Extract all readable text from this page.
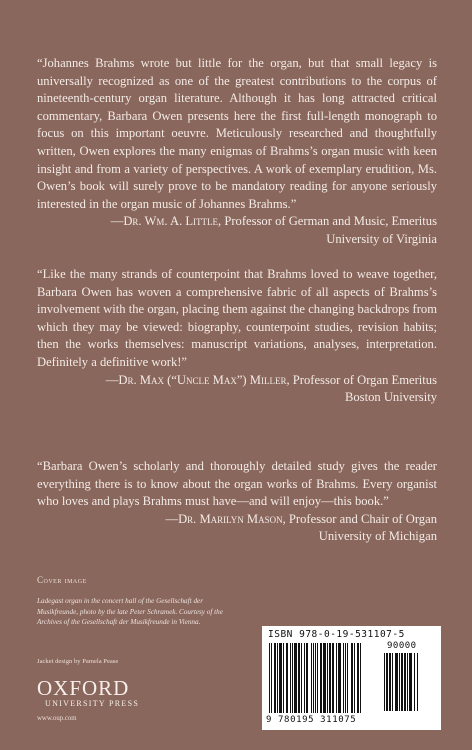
“Johannes Brahms wrote but little for the organ, but that small legacy is universally recognized as one of the greatest contributions to the corpus of nineteenth-century organ literature. Although it has long attracted critical commentary, Barbara Owen presents here the first full-length monograph to focus on this important oeuvre. Meticulously researched and thoughtfully written, Owen explores the many enigmas of Brahms’s organ music with keen insight and from a variety of perspectives. A work of exemplary erudition, Ms. Owen’s book will surely prove to be mandatory reading for anyone seriously interested in the organ music of Johannes Brahms.”

—Dr. Wm. A. Little, Professor of German and Music, Emeritus
University of Virginia

“Like the many strands of counterpoint that Brahms loved to weave together, Barbara Owen has woven a comprehensive fabric of all aspects of Brahms’s involvement with the organ, placing them against the changing backdrops from which they may be viewed: biography, counterpoint studies, revision habits; then the works themselves: manuscript variations, analyses, interpretation. Definitely a definitive work!”

—Dr. Max (“Uncle Max”) Miller, Professor of Organ Emeritus
Boston University

“Barbara Owen’s scholarly and thoroughly detailed study gives the reader everything there is to know about the organ works of Brahms. Every organist who loves and plays Brahms must have—and will enjoy—this book.”

—Dr. Marilyn Mason, Professor and Chair of Organ
University of Michigan

Cover image
Ladegast organ in the concert hall of the Gesellschaft der Musikfreunde, photo by the late Peter Schramek. Courtesy of the Archives of the Gesellschaft der Musikfreunde in Vienna.
Jacket design by Pamela Pease
OXFORD
UNIVERSITY PRESS
www.oup.com
ISBN 978-0-19-531107-5
90000
9 780195 311075
